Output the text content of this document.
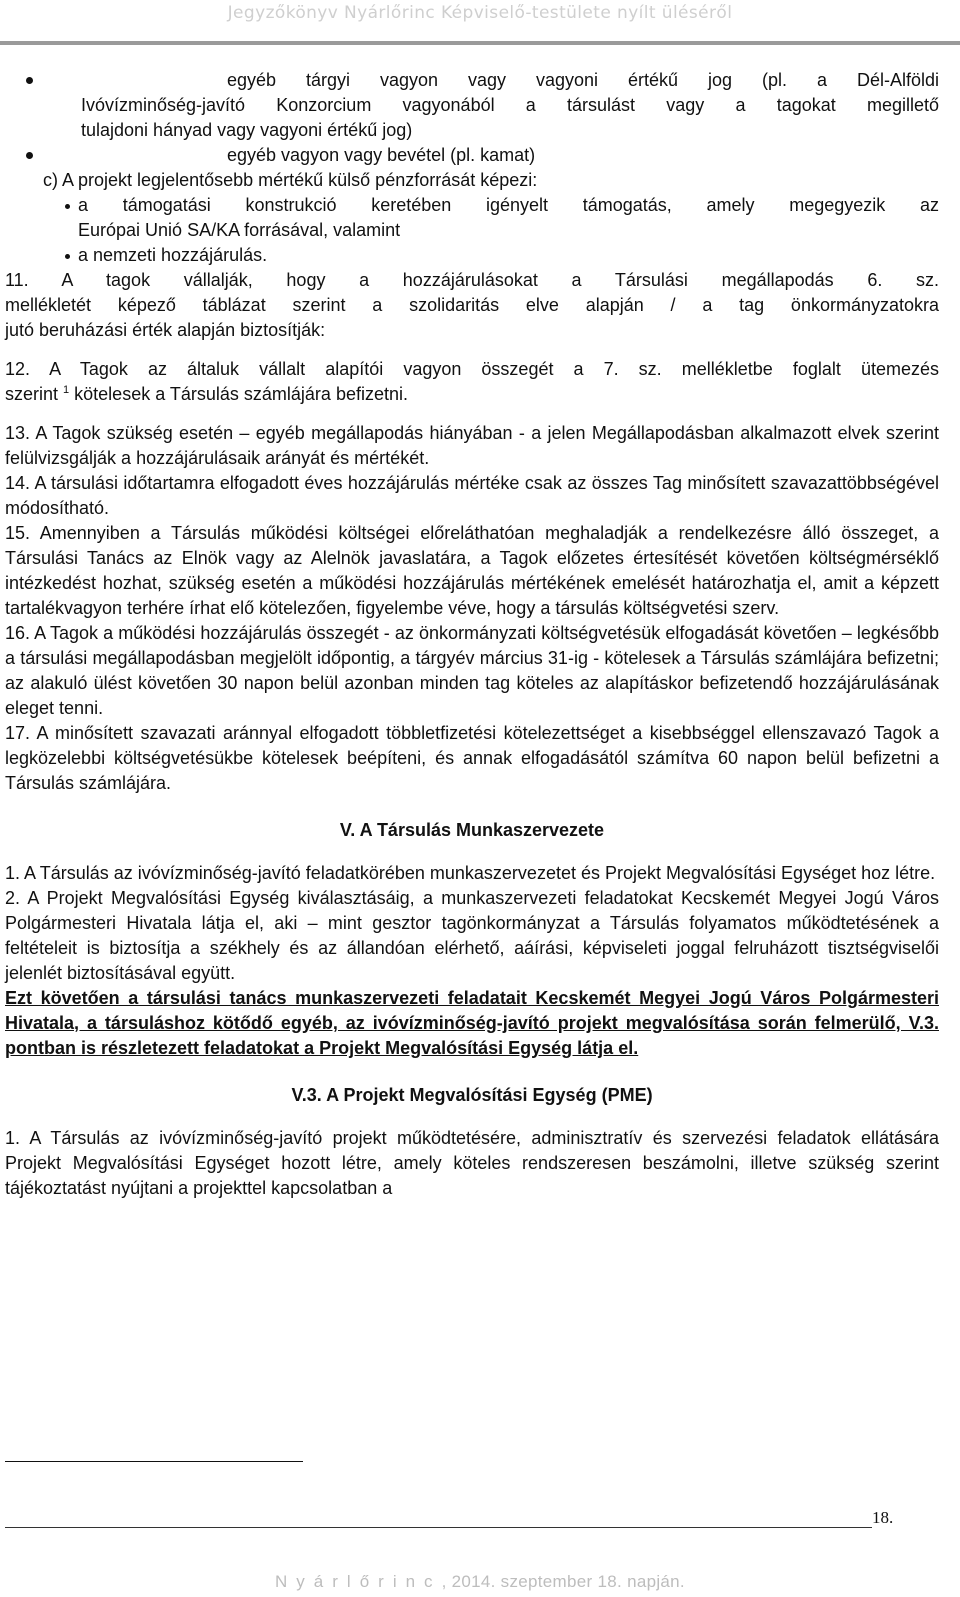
Jegyzőkönyv Nyárlőrinc Képviselő-testülete nyílt üléséről
egyéb tárgyi vagyon vagy vagyoni értékű jog (pl. a Dél-Alföldi
Ivóvízminőség-javító Konzorcium vagyonából a társulást vagy a tagokat megillető
tulajdoni hányad vagy vagyoni értékű jog)
egyéb vagyon vagy bevétel (pl. kamat)

c) A projekt legjelentősebb mértékű külső pénzforrását képezi:

a támogatási konstrukció keretében igényelt támogatás, amely megegyezik az
Európai Unió SA/KA forrásával, valamint
a nemzeti hozzájárulás.

11. A tagok vállalják, hogy a hozzájárulásokat a Társulási megállapodás 6. sz.

mellékletét képező táblázat szerint a szolidaritás elve alapján / a tag önkormányzatokra

jutó beruházási érték alapján biztosítják:

12. A Tagok az általuk vállalt alapítói vagyon összegét a 7. sz. mellékletbe foglalt ütemezés

szerint $^1$ kötelesek a Társulás számlájára befizetni.

13. A Tagok szükség esetén – egyéb megállapodás hiányában - a jelen Megállapodásban alkalmazott elvek szerint felülvizsgálják a hozzájárulásaik arányát és mértékét.

14. A társulási időtartamra elfogadott éves hozzájárulás mértéke csak az összes Tag minősített szavazattöbbségével módosítható.

15. Amennyiben a Társulás működési költségei előreláthatóan meghaladják a rendelkezésre álló összeget, a Társulási Tanács az Elnök vagy az Alelnök javaslatára, a Tagok előzetes értesítését követően költségmérséklő intézkedést hozhat, szükség esetén a működési hozzájárulás mértékének emelését határozhatja el, amit a képzett tartalékvagyon terhére írhat elő kötelezően, figyelembe véve, hogy a társulás költségvetési szerv.

16. A Tagok a működési hozzájárulás összegét - az önkormányzati költségvetésük elfogadását követően – legkésőbb a társulási megállapodásban megjelölt időpontig, a tárgyév március 31-ig - kötelesek a Társulás számlájára befizetni; az alakuló ülést követően 30 napon belül azonban minden tag köteles az alapításkor befizetendő hozzájárulásának eleget tenni.

17. A minősített szavazati aránnyal elfogadott többletfizetési kötelezettséget a kisebbséggel ellenszavazó Tagok a legközelebbi költségvetésükbe kötelesek beépíteni, és annak elfogadásától számítva 60 napon belül befizetni a Társulás számlájára.

V. A Társulás Munkaszervezete

1. A Társulás az ivóvízminőség-javító feladatkörében munkaszervezetet és Projekt Megvalósítási Egységet hoz létre.

2. A Projekt Megvalósítási Egység kiválasztásáig, a munkaszervezeti feladatokat Kecskemét Megyei Jogú Város Polgármesteri Hivatala látja el, aki – mint gesztor tagönkormányzat a Társulás folyamatos működtetésének a feltételeit is biztosítja a székhely és az állandóan elérhető, aáírási, képviseleti joggal felruházott tisztségviselői jelenlét biztosításával együtt.

Ezt követően a társulási tanács munkaszervezeti feladatait Kecskemét Megyei Jogú Város Polgármesteri Hivatala, a társuláshoz kötődő egyéb, az ivóvízminőség-javító projekt megvalósítása során felmerülő, V.3. pontban is részletezett feladatokat a Projekt Megvalósítási Egység látja el.

V.3. A Projekt Megvalósítási Egység (PME)

1. A Társulás az ivóvízminőség-javító projekt működtetésére, adminisztratív és szervezési feladatok ellátására Projekt Megvalósítási Egységet hozott létre, amely köteles rendszeresen beszámolni, illetve szükség szerint tájékoztatást nyújtani a projekttel kapcsolatban a

18.
Nyárlőrinc, 2014. szeptember 18. napján.
